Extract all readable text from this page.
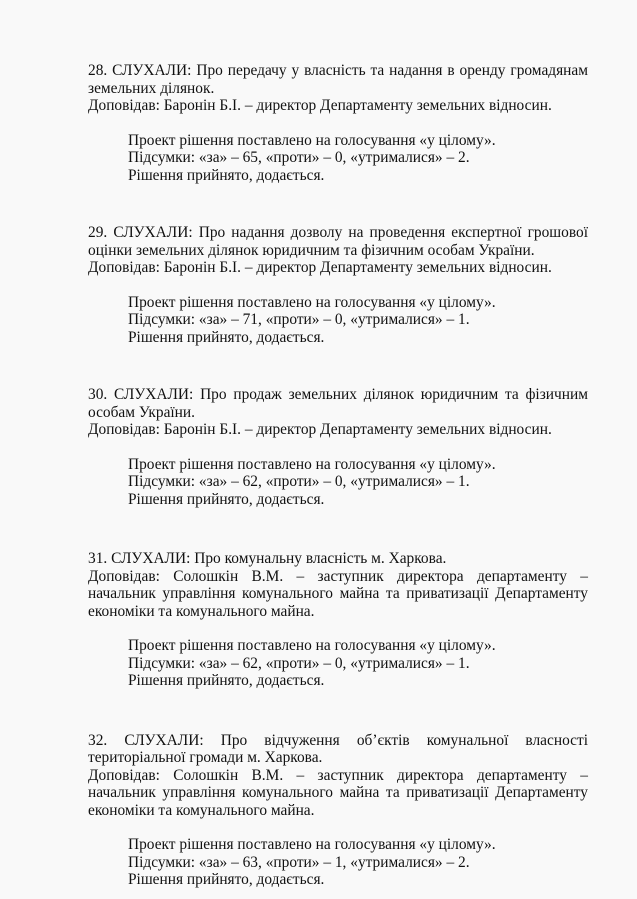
28. СЛУХАЛИ: Про передачу у власність та надання в оренду громадянам земельних ділянок.

Доповідав: Баронін Б.І. – директор Департаменту земельних відносин.

Проект рішення поставлено на голосування «у цілому».

Підсумки: «за» – 65, «проти» – 0, «утрималися» – 2.

Рішення прийнято, додається.

29. СЛУХАЛИ: Про надання дозволу на проведення експертної грошової оцінки земельних ділянок юридичним та фізичним особам України.

Доповідав: Баронін Б.І. – директор Департаменту земельних відносин.

Проект рішення поставлено на голосування «у цілому».

Підсумки: «за» – 71, «проти» – 0, «утрималися» – 1.

Рішення прийнято, додається.

30. СЛУХАЛИ: Про продаж земельних ділянок юридичним та фізичним особам України.

Доповідав: Баронін Б.І. – директор Департаменту земельних відносин.

Проект рішення поставлено на голосування «у цілому».

Підсумки: «за» – 62, «проти» – 0, «утрималися» – 1.

Рішення прийнято, додається.

31. СЛУХАЛИ: Про комунальну власність м. Харкова.

Доповідав: Солошкін В.М. – заступник директора департаменту – начальник управління комунального майна та приватизації Департаменту економіки та комунального майна.

Проект рішення поставлено на голосування «у цілому».

Підсумки: «за» – 62, «проти» – 0, «утрималися» – 1.

Рішення прийнято, додається.

32. СЛУХАЛИ: Про відчуження об’єктів комунальної власності територіальної громади м. Харкова.

Доповідав: Солошкін В.М. – заступник директора департаменту – начальник управління комунального майна та приватизації Департаменту економіки та комунального майна.

Проект рішення поставлено на голосування «у цілому».

Підсумки: «за» – 63, «проти» – 1, «утрималися» – 2.

Рішення прийнято, додається.
